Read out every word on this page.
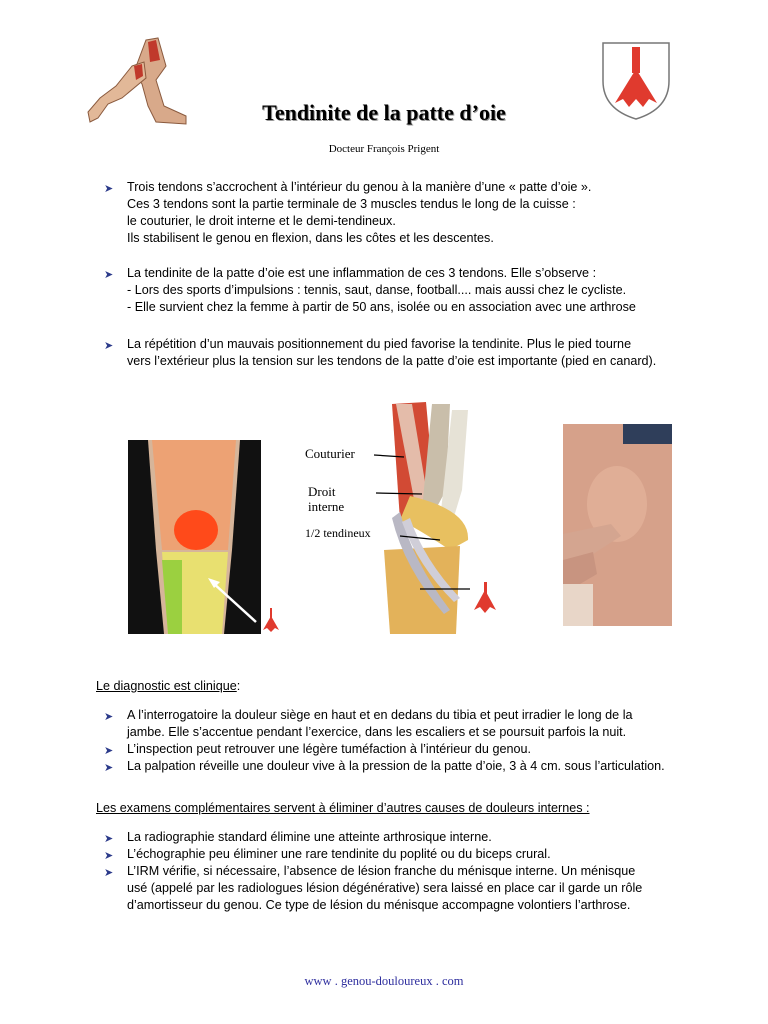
Tendinite de la patte d’oie
Docteur François Prigent
➤ Trois tendons s’accrochent à l’intérieur du genou à la manière d’une « patte d’oie ».
Ces 3 tendons sont la partie terminale de 3 muscles tendus le long de la cuisse :
le couturier, le droit interne et le demi-tendineux.
Ils stabilisent le genou en flexion, dans les côtes et les descentes.
➤ La tendinite de la patte d’oie est une inflammation de ces 3 tendons. Elle s’observe :
- Lors des sports d’impulsions : tennis, saut, danse, football.... mais aussi chez le cycliste.
- Elle survient chez la femme à partir de 50 ans, isolée ou en association avec une arthrose
➤ La répétition d’un mauvais positionnement du pied favorise la tendinite. Plus le pied tourne
vers l’extérieur plus la tension sur les tendons de la patte d’oie est importante (pied en canard).
Couturier
Droit
interne
1/2 tendineux
Le diagnostic est clinique:
➤ A l’interrogatoire la douleur siège en haut et en dedans du tibia et peut irradier le long de la
jambe. Elle s’accentue pendant l’exercice, dans les escaliers et se poursuit parfois la nuit.
➤ L’inspection peut retrouver une légère tuméfaction à l’intérieur du genou.
➤ La palpation réveille une douleur vive à la pression de la patte d’oie, 3 à 4 cm. sous l’articulation.
Les examens complémentaires servent à éliminer d’autres causes de douleurs internes :
➤ La radiographie standard élimine une atteinte arthrosique interne.
➤ L’échographie peu éliminer une rare tendinite du poplité ou du biceps crural.
➤ L’IRM vérifie, si nécessaire, l’absence de lésion franche du ménisque interne. Un ménisque
usé (appelé par les radiologues lésion dégénérative) sera laissé en place car il garde un rôle
d’amortisseur du genou. Ce type de lésion du ménisque accompagne volontiers l’arthrose.
www . genou-douloureux . com
